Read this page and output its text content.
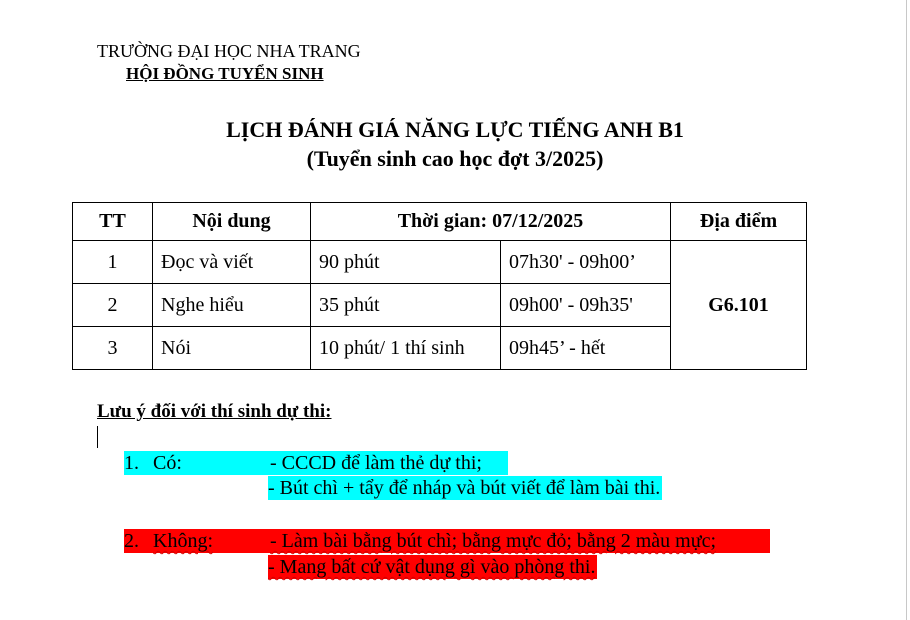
TRƯỜNG ĐẠI HỌC NHA TRANG
HỘI ĐỒNG TUYỂN SINH
LỊCH ĐÁNH GIÁ NĂNG LỰC TIẾNG ANH B1
(Tuyển sinh cao học đợt 3/2025)
TT	Nội dung	Thời gian: 07/12/2025		Địa điểm
1	Đọc và viết	90 phút	07h30' - 09h00’	G6.101
2	Nghe hiểu	35 phút	09h00' - 09h35'	
3	Nói	10 phút/ 1 thí sinh	09h45’ - hết	
Lưu ý đối với thí sinh dự thi:
1. Có:	- CCCD để làm thẻ dự thi;
- Bút chì + tẩy để nháp và bút viết để làm bài thi.
2. Không:	- Làm bài bằng bút chì; bằng mực đỏ; bằng 2 màu mực;
- Mang bất cứ vật dụng gì vào phòng thi.
